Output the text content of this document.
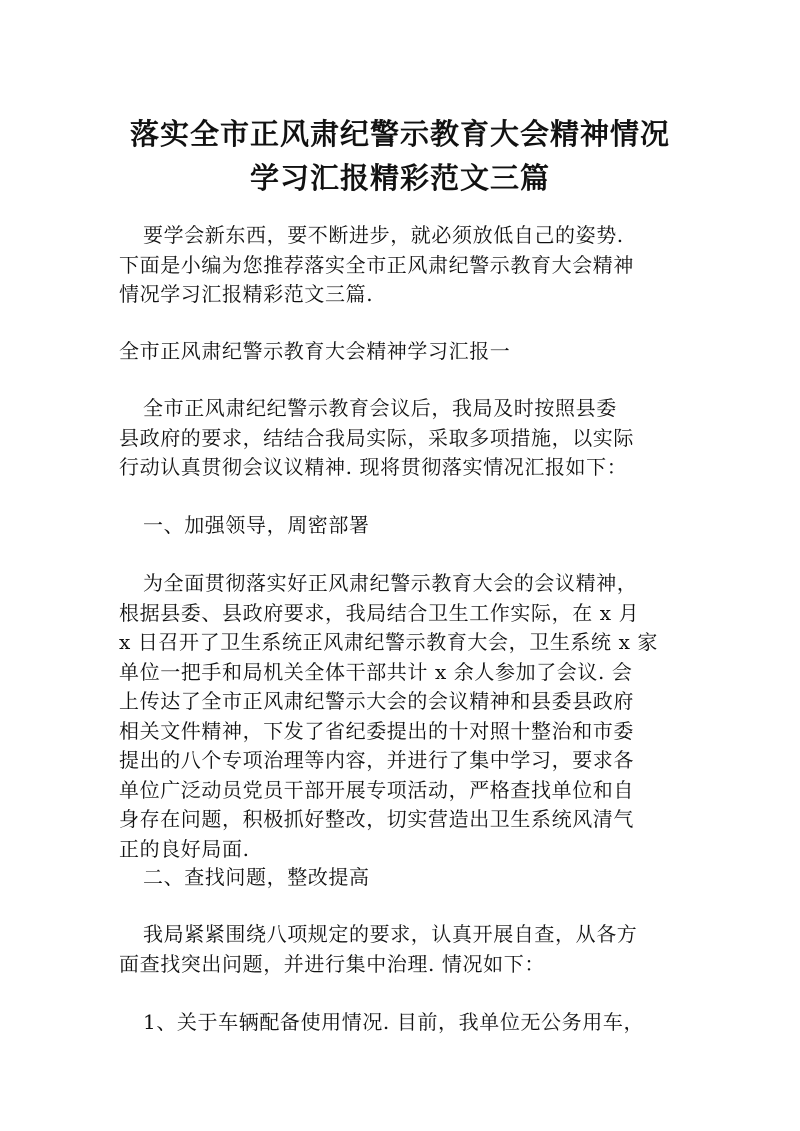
落实全市正风肃纪警示教育大会精神情况
学习汇报精彩范文三篇

要学会新东西，要不断进步，就必须放低自己的姿势.
下面是小编为您推荐落实全市正风肃纪警示教育大会精神
情况学习汇报精彩范文三篇.

全市正风肃纪警示教育大会精神学习汇报一

全市正风肃纪纪警示教育会议后，我局及时按照县委
县政府的要求，结结合我局实际，采取多项措施，以实际
行动认真贯彻会议议精神. 现将贯彻落实情况汇报如下：

一、加强领导，周密部署

为全面贯彻落实好正风肃纪警示教育大会的会议精神，
根据县委、县政府要求，我局结合卫生工作实际，在 x 月
x 日召开了卫生系统正风肃纪警示教育大会，卫生系统 x 家
单位一把手和局机关全体干部共计 x 余人参加了会议. 会
上传达了全市正风肃纪警示大会的会议精神和县委县政府
相关文件精神，下发了省纪委提出的十对照十整治和市委
提出的八个专项治理等内容，并进行了集中学习，要求各
单位广泛动员党员干部开展专项活动，严格查找单位和自
身存在问题，积极抓好整改，切实营造出卫生系统风清气
正的良好局面.

二、查找问题，整改提高

我局紧紧围绕八项规定的要求，认真开展自查，从各方
面查找突出问题，并进行集中治理. 情况如下：

1、关于车辆配备使用情况. 目前，我单位无公务用车，
